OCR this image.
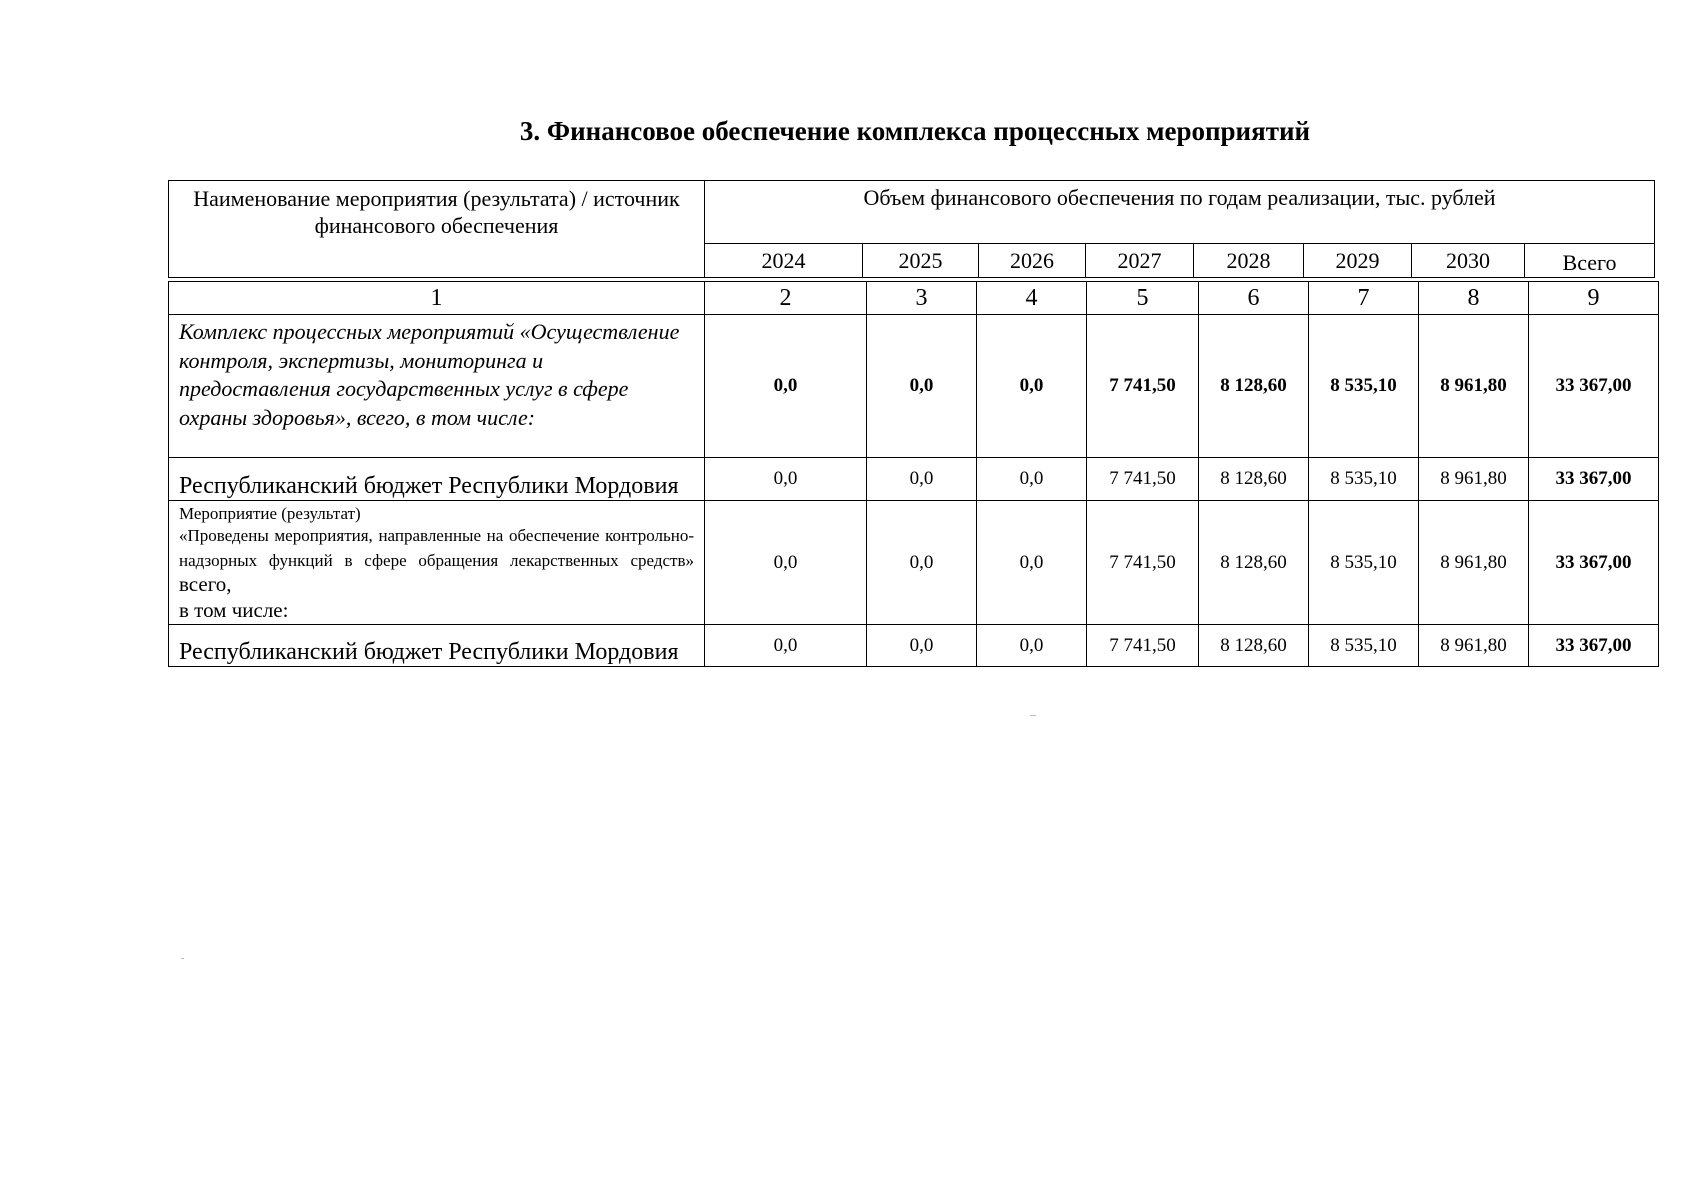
3. Финансовое обеспечение комплекса процессных мероприятий
Наименование мероприятия (результата) / источник финансового обеспечения	Объем финансового обеспечения по годам реализации, тыс. рублей							
	2024	2025	2026	2027	2028	2029	2030	Всего
1	2	3	4	5	6	7	8	9
Комплекс процессных мероприятий «Осуществление контроля, экспертизы, мониторинга и предоставления государственных услуг в сфере охраны здоровья», всего, в том числе:	0,0	0,0	0,0	7 741,50	8 128,60	8 535,10	8 961,80	33 367,00
Республиканский бюджет Республики Мордовия	0,0	0,0	0,0	7 741,50	8 128,60	8 535,10	8 961,80	33 367,00

Мероприятие (результат)
«Проведены мероприятия, направленные на обеспечение контрольно-надзорных функций в сфере обращения лекарственных средств» всего,
в том числе:	0,0	0,0	0,0	7 741,50	8 128,60	8 535,10	8 961,80	33 367,00
Республиканский бюджет Республики Мордовия	0,0	0,0	0,0	7 741,50	8 128,60	8 535,10	8 961,80	33 367,00
